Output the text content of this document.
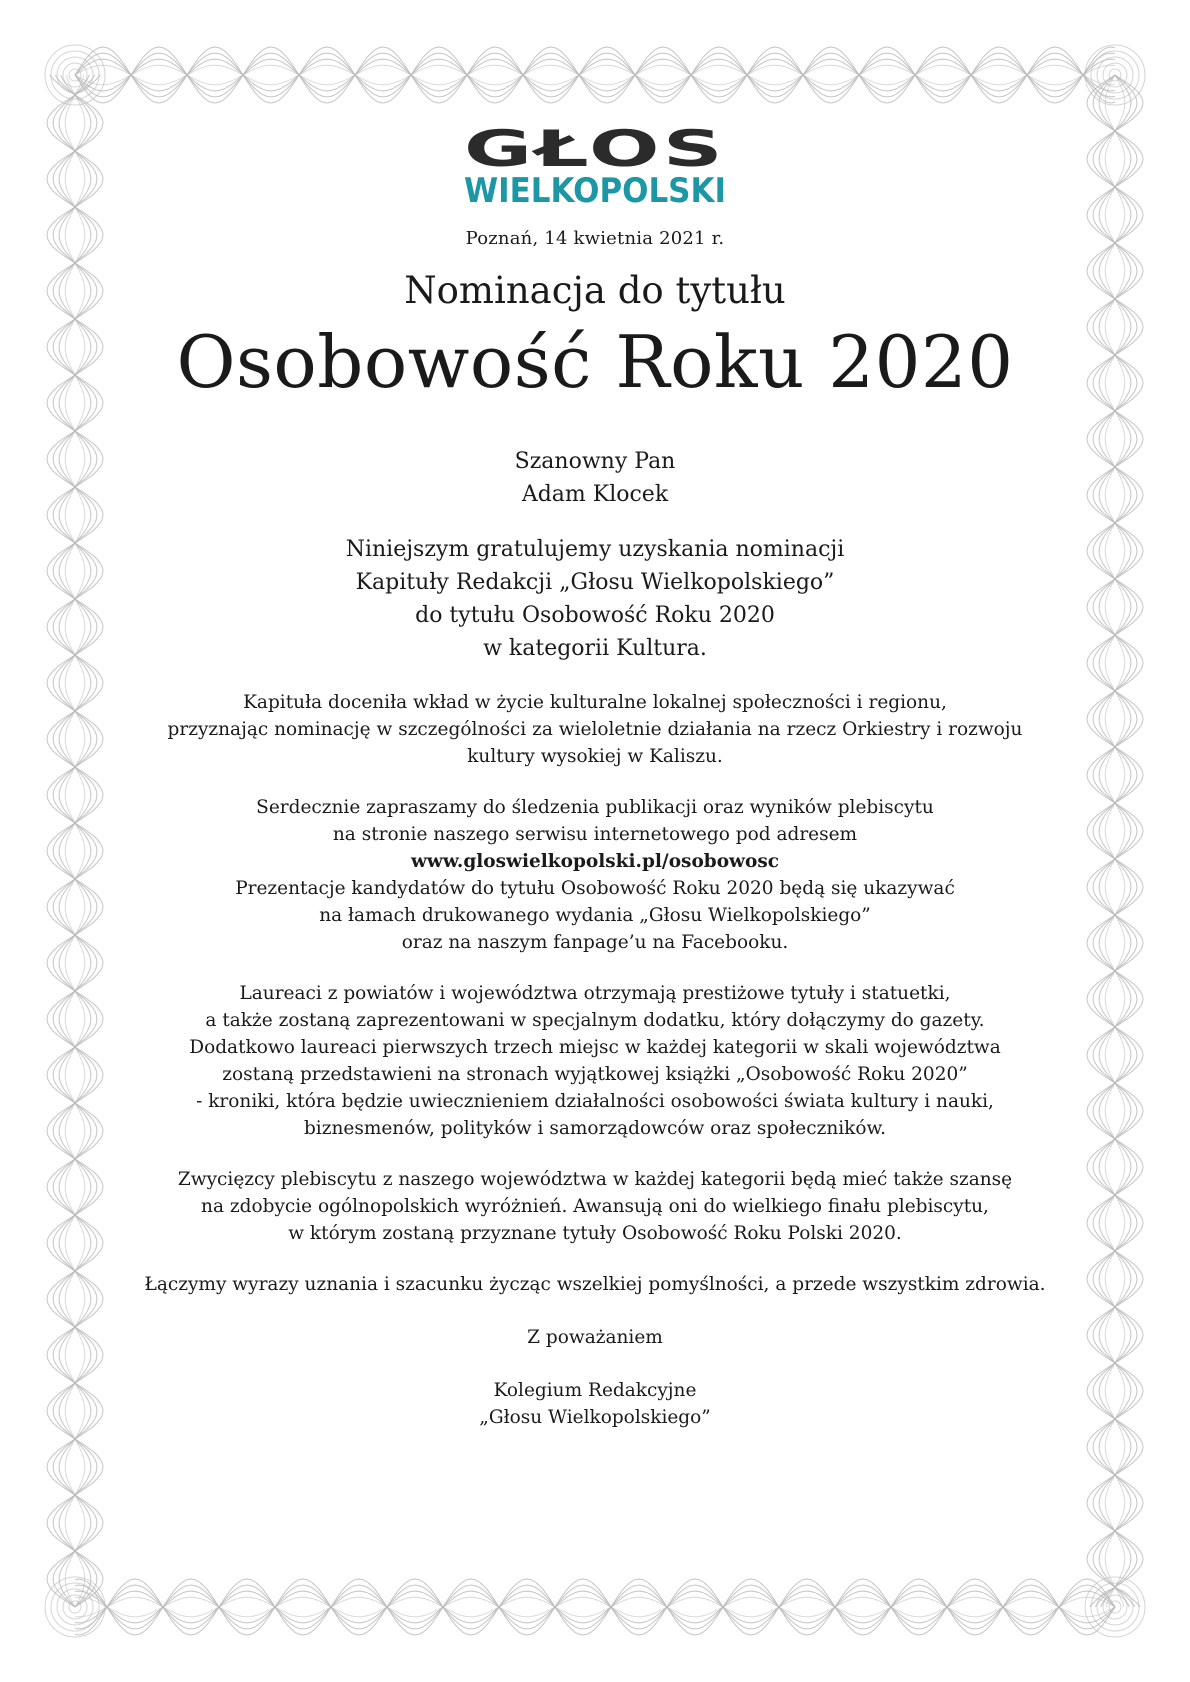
GŁOS
WIELKOPOLSKI
Poznań, 14 kwietnia 2021 r.
Nominacja do tytułu
Osobowość Roku 2020

Szanowny Pan

Adam Klocek

Niniejszym gratulujemy uzyskania nominacji

Kapituły Redakcji „Głosu Wielkopolskiego”

do tytułu Osobowość Roku 2020

w kategorii Kultura.

Kapituła doceniła wkład w życie kulturalne lokalnej społeczności i regionu,

przyznając nominację w szczególności za wieloletnie działania na rzecz Orkiestry i rozwoju

kultury wysokiej w Kaliszu.

Serdecznie zapraszamy do śledzenia publikacji oraz wyników plebiscytu

na stronie naszego serwisu internetowego pod adresem

www.gloswielkopolski.pl/osobowosc

Prezentacje kandydatów do tytułu Osobowość Roku 2020 będą się ukazywać

na łamach drukowanego wydania „Głosu Wielkopolskiego”

oraz na naszym fanpage’u na Facebooku.

Laureaci z powiatów i województwa otrzymają prestiżowe tytuły i statuetki,

a także zostaną zaprezentowani w specjalnym dodatku, który dołączymy do gazety.

Dodatkowo laureaci pierwszych trzech miejsc w każdej kategorii w skali województwa

zostaną przedstawieni na stronach wyjątkowej książki „Osobowość Roku 2020”

- kroniki, która będzie uwiecznieniem działalności osobowości świata kultury i nauki,

biznesmenów, polityków i samorządowców oraz społeczników.

Zwycięzcy plebiscytu z naszego województwa w każdej kategorii będą mieć także szansę

na zdobycie ogólnopolskich wyróżnień. Awansują oni do wielkiego finału plebiscytu,

w którym zostaną przyznane tytuły Osobowość Roku Polski 2020.

Łączymy wyrazy uznania i szacunku życząc wszelkiej pomyślności, a przede wszystkim zdrowia.

Z poważaniem

Kolegium Redakcyjne

„Głosu Wielkopolskiego”
